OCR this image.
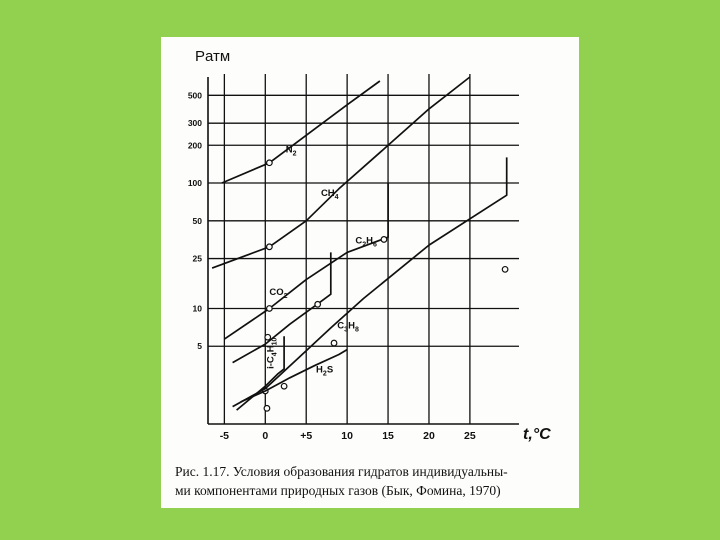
500
300
200
100
50
25
10
5
-5	0	+5	10	15	20	25
Pатм
t,°C
N2
CH4
C2H6
CO2
C3H8
i-C4H10
H2S
Рис. 1.17. Условия образования гидратов индивидуальны-
ми компонентами природных газов (Бык, Фомина, 1970)
